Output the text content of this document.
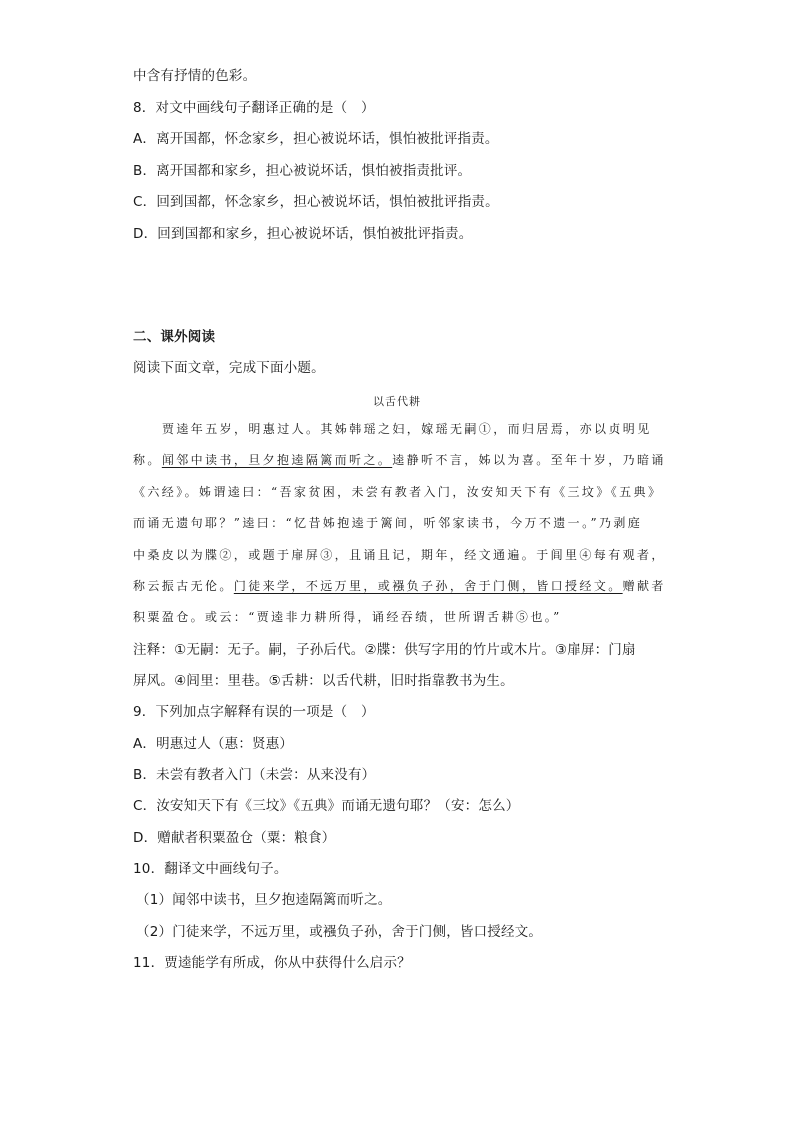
中含有抒情的色彩。
8．对文中画线句子翻译正确的是（　）
A．离开国都，怀念家乡，担心被说坏话，惧怕被批评指责。
B．离开国都和家乡，担心被说坏话，惧怕被指责批评。
C．回到国都，怀念家乡，担心被说坏话，惧怕被批评指责。
D．回到国都和家乡，担心被说坏话，惧怕被批评指责。
二、课外阅读
阅读下面文章，完成下面小题。
以舌代耕
贾逵年五岁，明惠过人。其姊韩瑶之妇，嫁瑶无嗣①，而归居焉，亦以贞明见
称。闻邻中读书，旦夕抱逵隔篱而听之。逵静听不言，姊以为喜。至年十岁，乃暗诵
《六经》。姊谓逵曰：“吾家贫困，未尝有教者入门，汝安知天下有《三坟》《五典》
而诵无遗句耶？”逵曰：“忆昔姊抱逵于篱间，听邻家读书，今万不遗一。”乃剥庭
中桑皮以为牒②，或题于扉屏③，且诵且记，期年，经文通遍。于闾里④每有观者，
称云振古无伦。门徒来学，不远万里，或襁负子孙，舍于门侧，皆口授经文。赠献者
积粟盈仓。或云：“贾逵非力耕所得，诵经吞绩，世所谓舌耕⑤也。”
注释：①无嗣：无子。嗣，子孙后代。②牒：供写字用的竹片或木片。③扉屏：门扇
屏风。④闾里：里巷。⑤舌耕：以舌代耕，旧时指靠教书为生。
9．下列加点字解释有误的一项是（　）
A．明惠过人（惠：贤惠）
B．未尝有教者入门（未尝：从来没有）
C．汝安知天下有《三坟》《五典》而诵无遗句耶？（安：怎么）
D．赠献者积粟盈仓（粟：粮食）
10．翻译文中画线句子。
（1）闻邻中读书，旦夕抱逵隔篱而听之。
（2）门徒来学，不远万里，或襁负子孙，舍于门侧，皆口授经文。
11．贾逵能学有所成，你从中获得什么启示？
